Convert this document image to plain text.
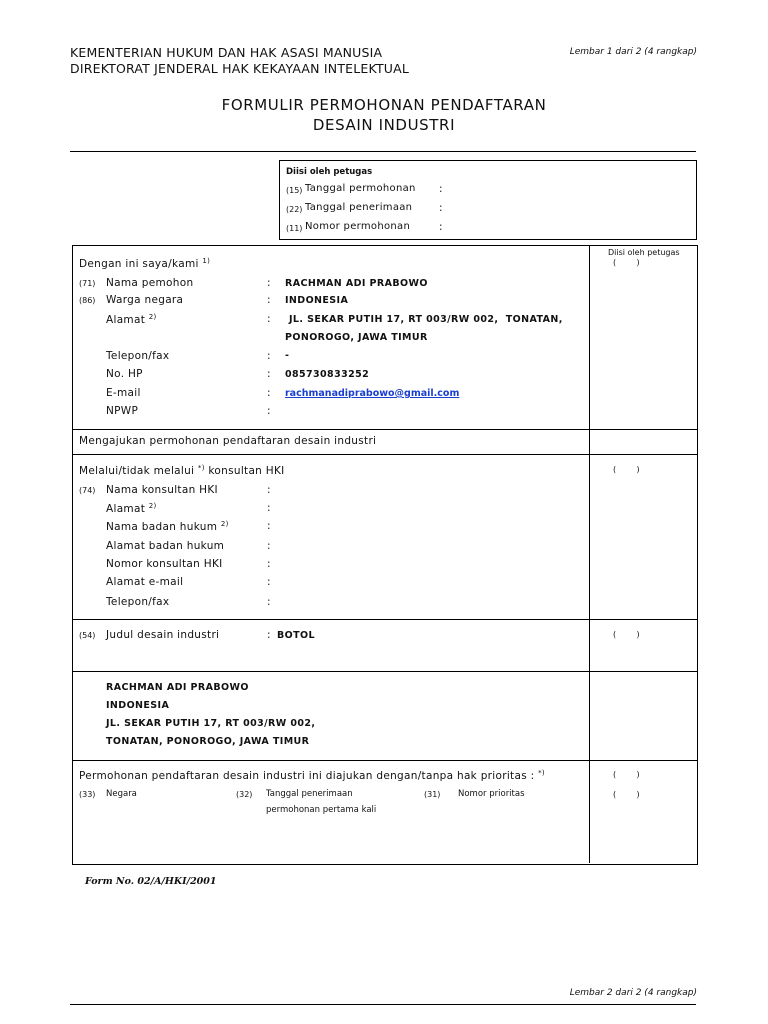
KEMENTERIAN HUKUM DAN HAK ASASI MANUSIA
DIREKTORAT JENDERAL HAK KEKAYAAN INTELEKTUAL
Lembar 1 dari 2 (4 rangkap)
FORMULIR PERMOHONAN PENDAFTARAN
DESAIN INDUSTRI
Diisi oleh petugas
(15) Tanggal permohonan :
(22) Tanggal penerimaan	:
(11) Nomor permohonan	:
Diisi oleh petugas
(        )
(        )
(        )
(        )
(        )
Dengan ini saya/kami $^{1)}$
(71) Nama pemohon	: RACHMAN ADI PRABOWO
(86) Warga negara	: INDONESIA
Alamat $^{2)}$	: JL. SEKAR PUTIH 17, RT 003/RW 002,  TONATAN,
PONOROGO, JAWA TIMUR
Telepon/fax	: -
No. HP	: 085730833252
E-mail	: rachmanadiprabowo@gmail.com
NPWP	:
Mengajukan permohonan pendaftaran desain industri
Melalui/tidak melalui *) konsultan HKI
(74) Nama konsultan HKI	:
Alamat $^{2)}$	:
Nama badan hukum $^{2)}$	:
Alamat badan hukum	:
Nomor konsultan HKI	:
Alamat e-mail	:
Telepon/fax	:
(54) Judul desain industri	: BOTOL
RACHMAN ADI PRABOWO
INDONESIA
JL. SEKAR PUTIH 17, RT 003/RW 002,
TONATAN, PONOROGO, JAWA TIMUR
Permohonan pendaftaran desain industri ini diajukan dengan/tanpa hak prioritas : *)
(33) Negara	(32) Tanggal penerimaan
permohonan pertama kali
(31) Nomor prioritas
Form No. 02/A/HKI/2001
Lembar 2 dari 2 (4 rangkap)
